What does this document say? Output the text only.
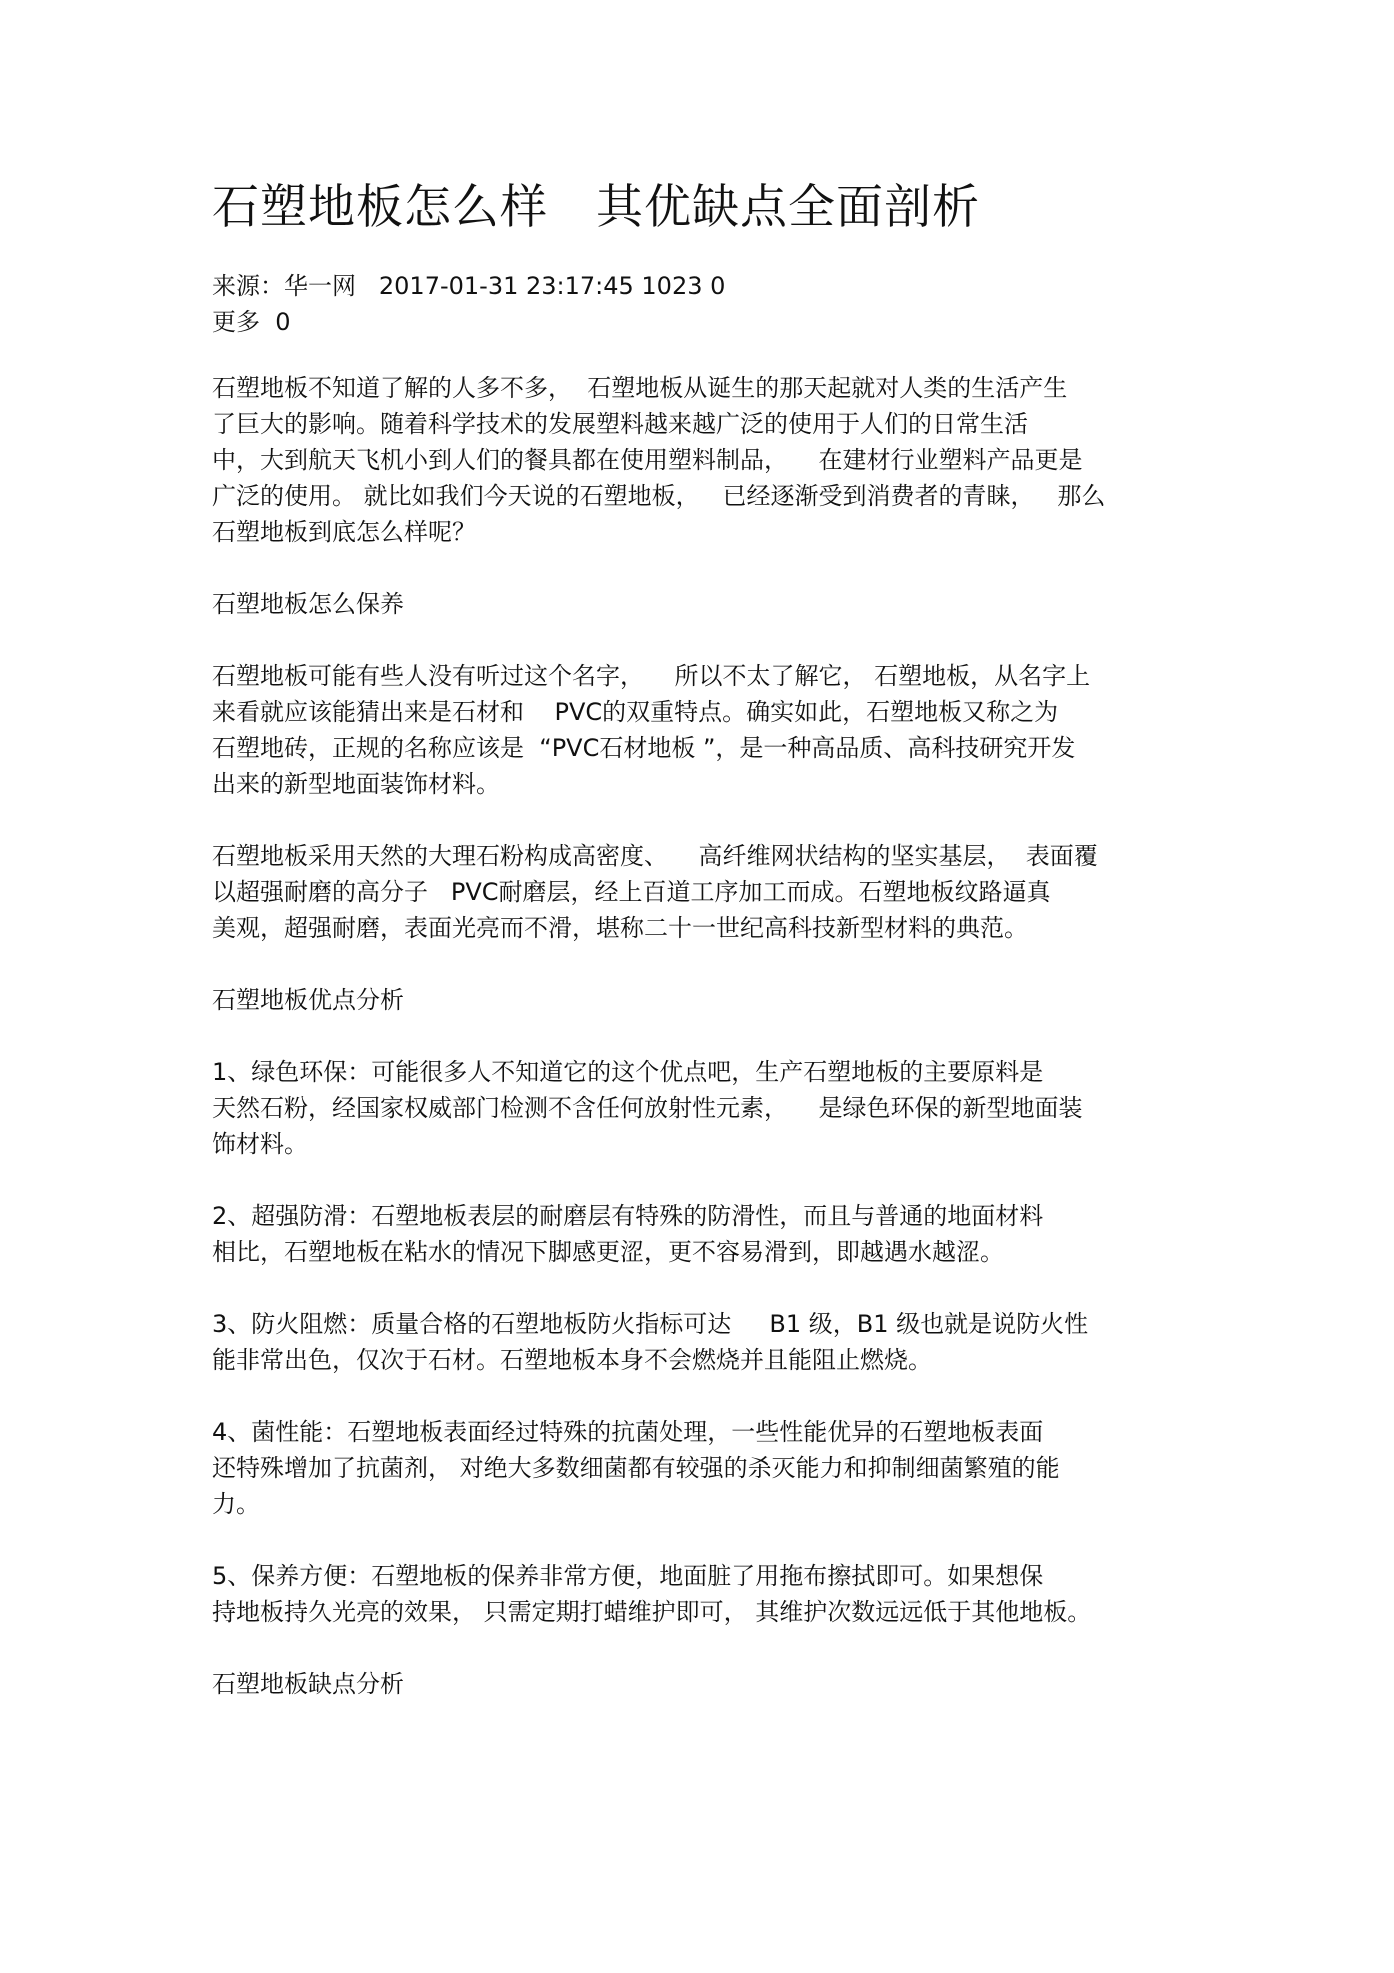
石塑地板怎么样　其优缺点全面剖析
来源：华一网   2017-01-31 23:17:45 1023 0
更多  0
石塑地板不知道了解的人多不多，  石塑地板从诞生的那天起就对人类的生活产生
了巨大的影响。随着科学技术的发展塑料越来越广泛的使用于人们的日常生活
中，大到航天飞机小到人们的餐具都在使用塑料制品，    在建材行业塑料产品更是
广泛的使用。 就比如我们今天说的石塑地板，   已经逐渐受到消费者的青睐，   那么
石塑地板到底怎么样呢？
石塑地板怎么保养
石塑地板可能有些人没有听过这个名字，    所以不太了解它， 石塑地板，从名字上
来看就应该能猜出来是石材和    PVC的双重特点。确实如此，石塑地板又称之为
石塑地砖，正规的名称应该是  “PVC石材地板 ”，是一种高品质、高科技研究开发
出来的新型地面装饰材料。
石塑地板采用天然的大理石粉构成高密度、    高纤维网状结构的坚实基层，  表面覆
以超强耐磨的高分子   PVC耐磨层，经上百道工序加工而成。石塑地板纹路逼真
美观，超强耐磨，表面光亮而不滑，堪称二十一世纪高科技新型材料的典范。
石塑地板优点分析
1、绿色环保：可能很多人不知道它的这个优点吧，生产石塑地板的主要原料是
天然石粉，经国家权威部门检测不含任何放射性元素，    是绿色环保的新型地面装
饰材料。
2、超强防滑：石塑地板表层的耐磨层有特殊的防滑性，而且与普通的地面材料
相比，石塑地板在粘水的情况下脚感更涩，更不容易滑到，即越遇水越涩。
3、防火阻燃：质量合格的石塑地板防火指标可达     B1 级，B1 级也就是说防火性
能非常出色，仅次于石材。石塑地板本身不会燃烧并且能阻止燃烧。
4、菌性能：石塑地板表面经过特殊的抗菌处理，一些性能优异的石塑地板表面
还特殊增加了抗菌剂， 对绝大多数细菌都有较强的杀灭能力和抑制细菌繁殖的能
力。
5、保养方便：石塑地板的保养非常方便，地面脏了用拖布擦拭即可。如果想保
持地板持久光亮的效果， 只需定期打蜡维护即可， 其维护次数远远低于其他地板。
石塑地板缺点分析
